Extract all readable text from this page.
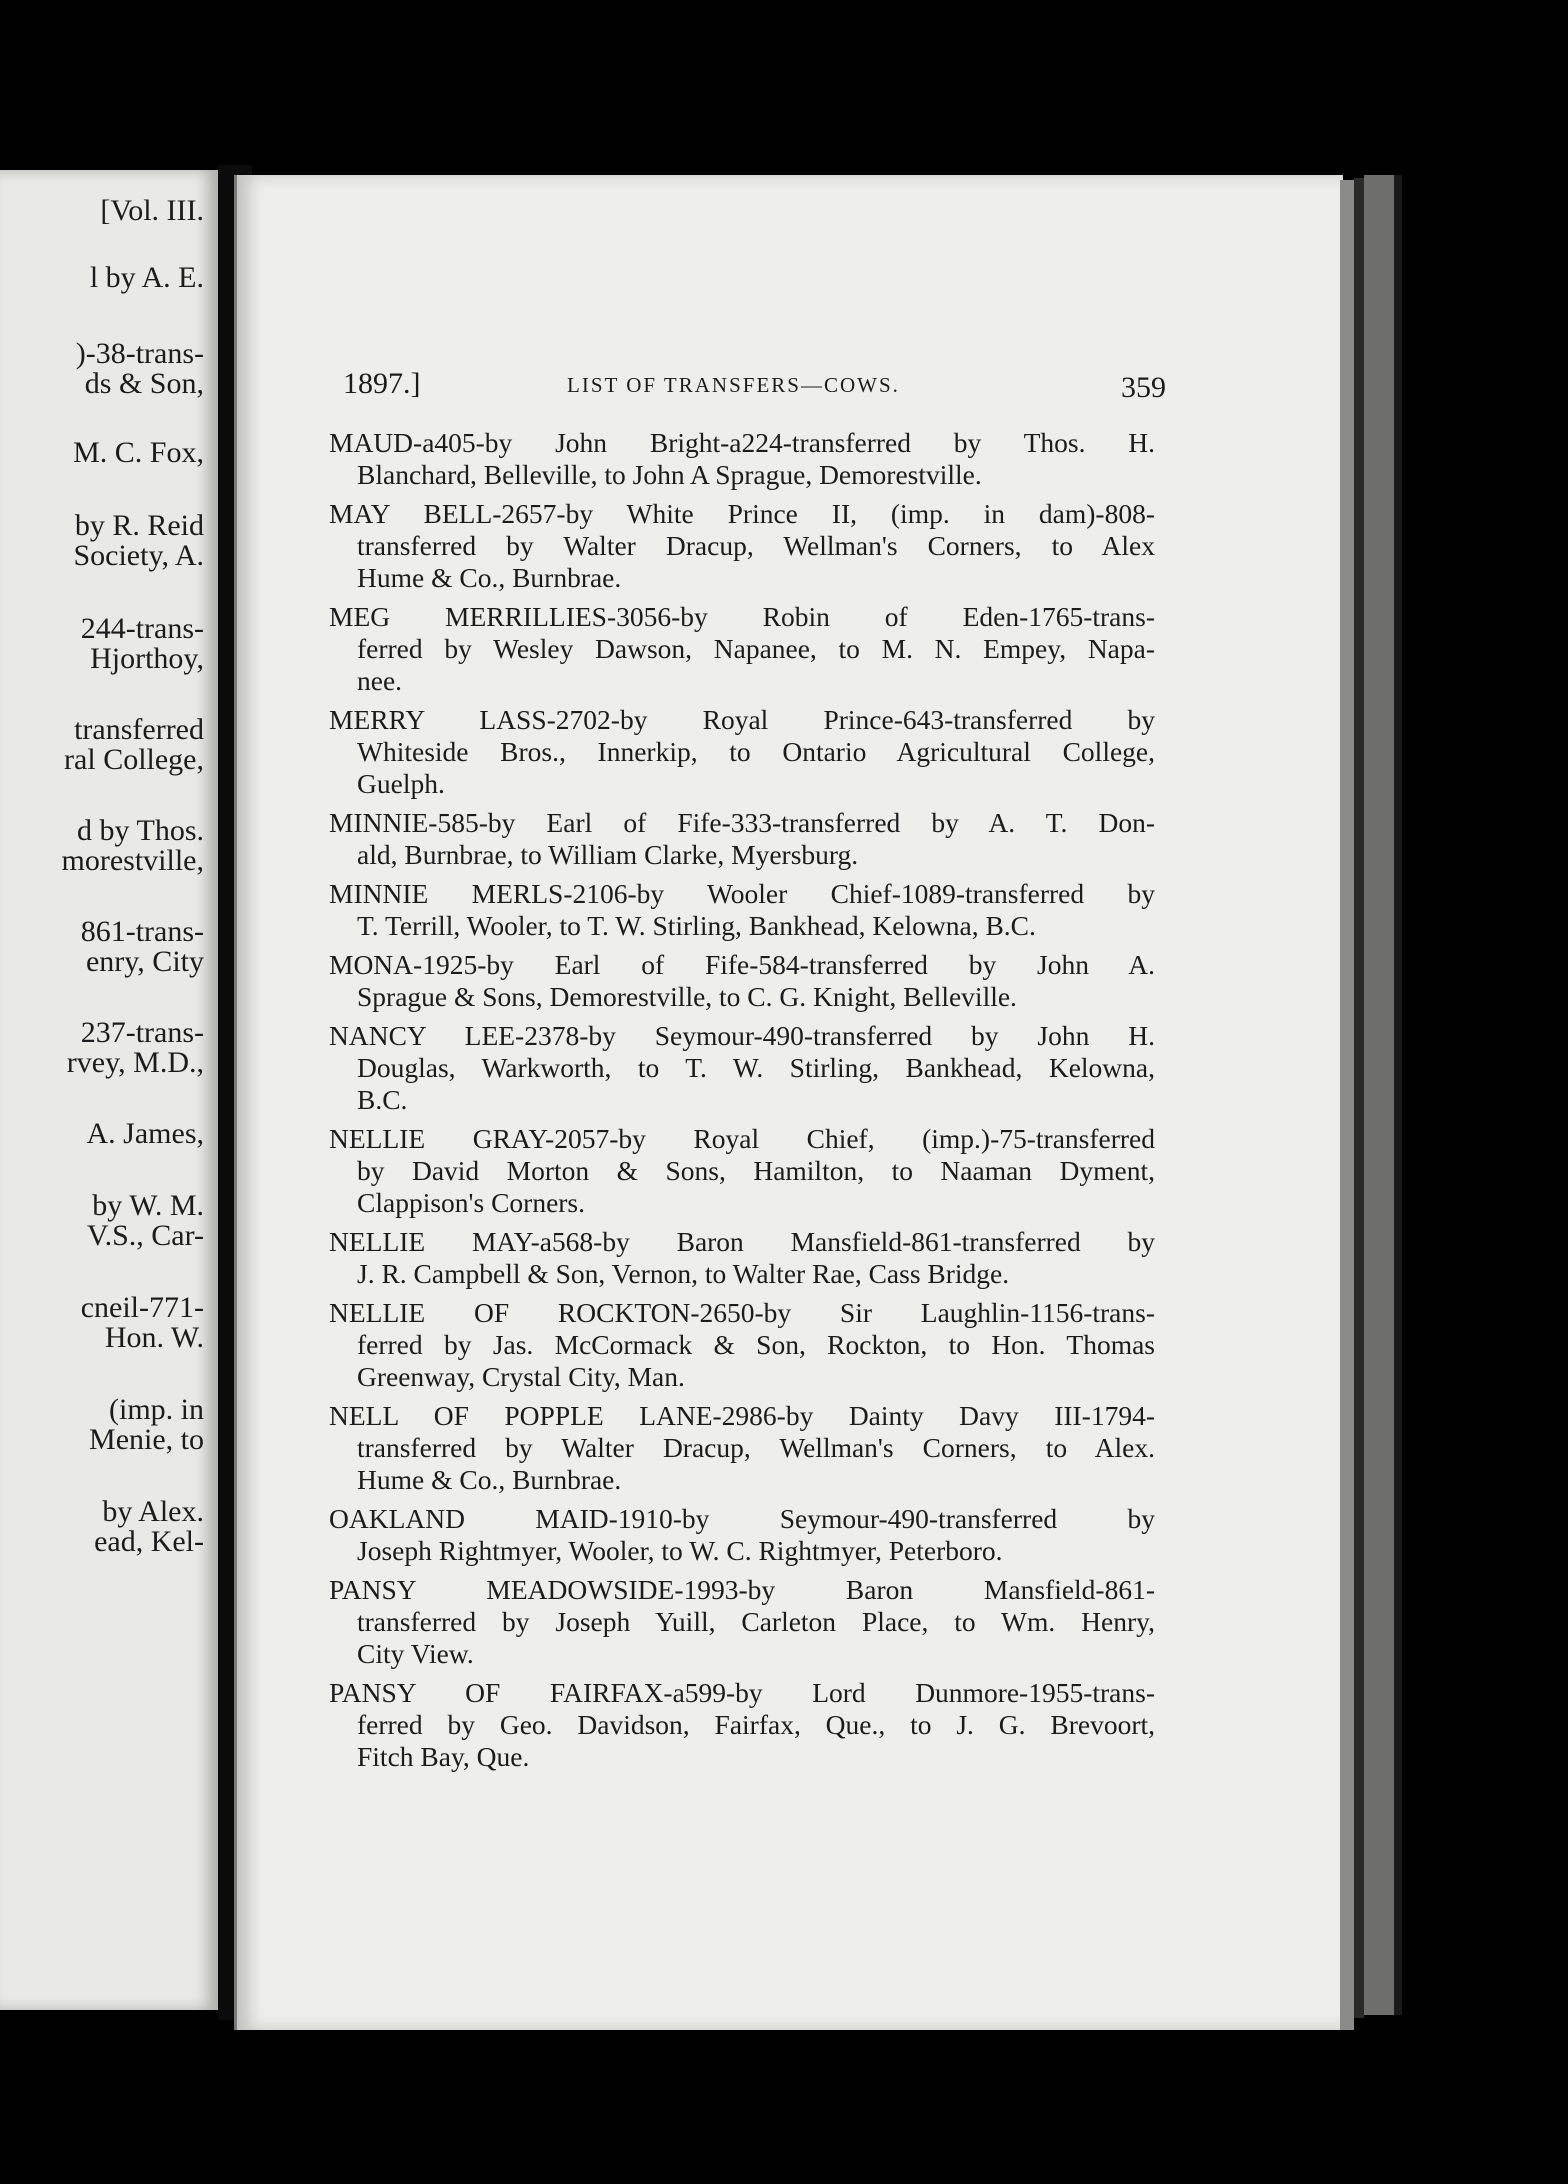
[Vol. III.
l by A. E.
)-38-trans-
ds & Son,
M. C. Fox,
by R. Reid
Society, A.
244-trans-
Hjorthoy,
transferred
ral College,
d by Thos.
morestville,
861-trans-
enry, City
237-trans-
rvey, M.D.,
A. James,
by W. M.
V.S., Car-
cneil-771-
Hon. W.
(imp. in
Menie, to
by Alex.
ead, Kel-
1897.]	LIST OF TRANSFERS—COWS.	359
MAUD-a405-by John Bright-a224-transferred by Thos. H.
Blanchard, Belleville, to John A Sprague, Demorestville.
MAY BELL-2657-by White Prince II, (imp. in dam)-808-
transferred by Walter Dracup, Wellman's Corners, to Alex
Hume & Co., Burnbrae.
MEG MERRILLIES-3056-by Robin of Eden-1765-trans-
ferred by Wesley Dawson, Napanee, to M. N. Empey, Napa-
nee.
MERRY LASS-2702-by Royal Prince-643-transferred by
Whiteside Bros., Innerkip, to Ontario Agricultural College,
Guelph.
MINNIE-585-by Earl of Fife-333-transferred by A. T. Don-
ald, Burnbrae, to William Clarke, Myersburg.
MINNIE MERLS-2106-by Wooler Chief-1089-transferred by
T. Terrill, Wooler, to T. W. Stirling, Bankhead, Kelowna, B.C.
MONA-1925-by Earl of Fife-584-transferred by John A.
Sprague & Sons, Demorestville, to C. G. Knight, Belleville.
NANCY LEE-2378-by Seymour-490-transferred by John H.
Douglas, Warkworth, to T. W. Stirling, Bankhead, Kelowna,
B.C.
NELLIE GRAY-2057-by Royal Chief, (imp.)-75-transferred
by David Morton & Sons, Hamilton, to Naaman Dyment,
Clappison's Corners.
NELLIE MAY-a568-by Baron Mansfield-861-transferred by
J. R. Campbell & Son, Vernon, to Walter Rae, Cass Bridge.
NELLIE OF ROCKTON-2650-by Sir Laughlin-1156-trans-
ferred by Jas. McCormack & Son, Rockton, to Hon. Thomas
Greenway, Crystal City, Man.
NELL OF POPPLE LANE-2986-by Dainty Davy III-1794-
transferred by Walter Dracup, Wellman's Corners, to Alex.
Hume & Co., Burnbrae.
OAKLAND MAID-1910-by Seymour-490-transferred by
Joseph Rightmyer, Wooler, to W. C. Rightmyer, Peterboro.
PANSY MEADOWSIDE-1993-by Baron Mansfield-861-
transferred by Joseph Yuill, Carleton Place, to Wm. Henry,
City View.
PANSY OF FAIRFAX-a599-by Lord Dunmore-1955-trans-
ferred by Geo. Davidson, Fairfax, Que., to J. G. Brevoort,
Fitch Bay, Que.
